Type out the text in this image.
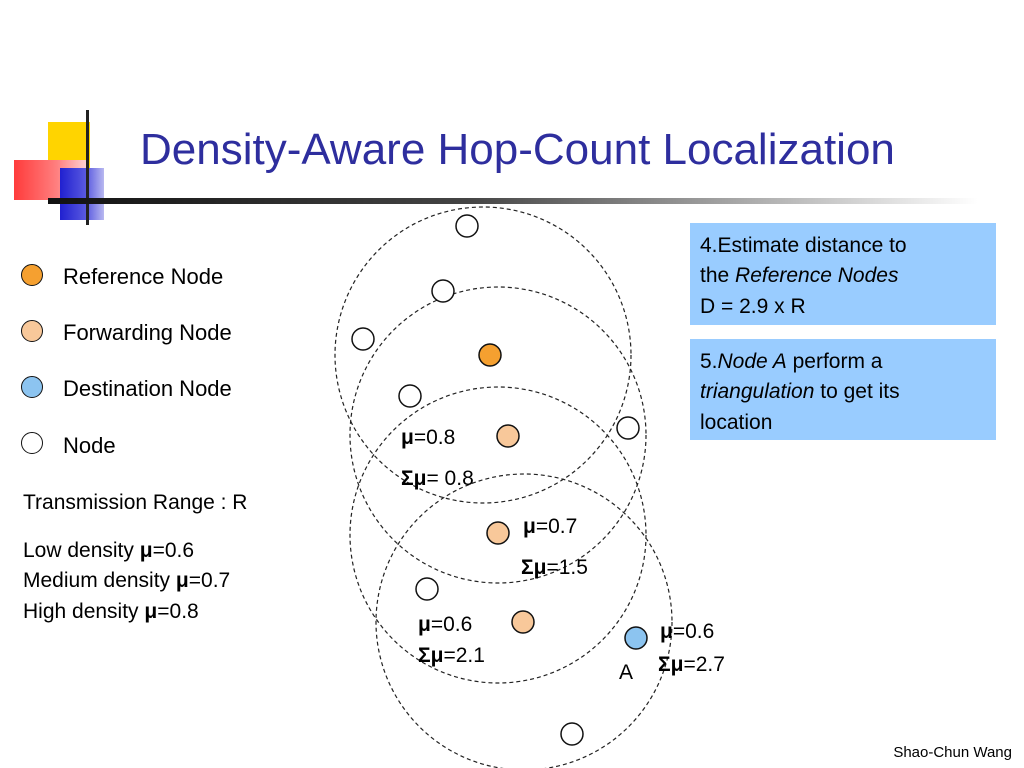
Density-Aware Hop-Count Localization
Reference Node
Forwarding Node
Destination Node
Node
Transmission Range : R
Low density μ=0.6
Medium density μ=0.7
High density μ=0.8
μ=0.8
Σμ= 0.8
μ=0.7
Σμ=1.5
μ=0.6
Σμ=2.1
μ=0.6
Σμ=2.7
A
4.Estimate distance to
the Reference Nodes
D = 2.9 x R
5.Node A perform a
triangulation to get its
location
Shao-Chun Wang
